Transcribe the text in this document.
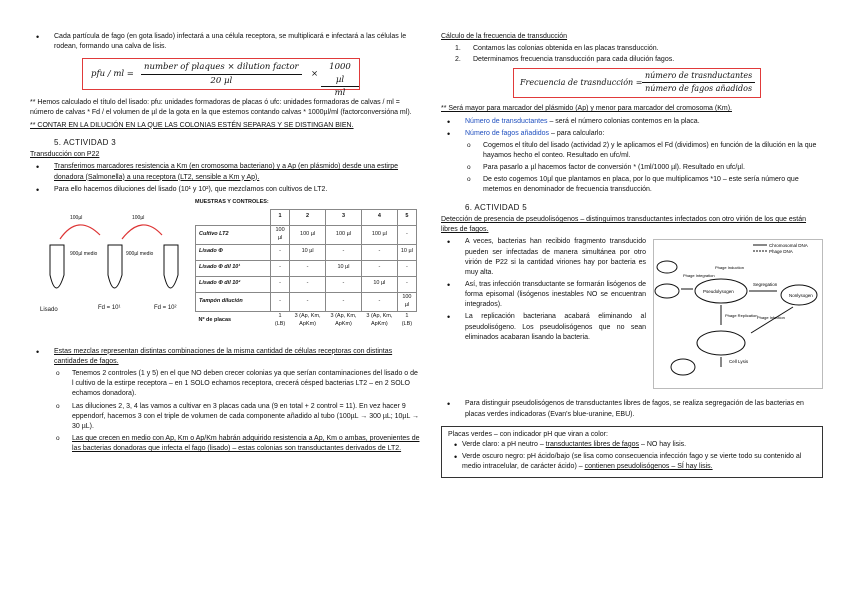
• Cada partícula de fago (en gota lisado) infectará a una célula receptora, se multiplicará e infectará a las células le rodean, formando una calva de lisis.
pfu / ml =
number of plaques × dilution factor
20 µl
×
1000 µl
ml
** Hemos calculado el título del lisado: pfu: unidades formadoras de placas ó ufc: unidades formadoras de calvas / ml = número de calvas * Fd / el volumen de µl de la gota en la que estemos contando calvas * 1000µl/ml (factorconversióna ml).
** CONTAR EN LA DILUCIÓN EN LA QUE LAS COLONIAS ESTÉN SEPARAS Y SE DISTINGAN BIEN.
5. ACTIVIDAD 3
Transducción con P22
• Transferimos marcadores resistencia a Km (en cromosoma bacteriano) y a Ap (en plásmido) desde una estirpe donadora (Salmonella) a una receptora (LT2, sensible a Km y Ap).
• Para ello hacemos diluciones del lisado (10¹ y 10²), que mezclamos con cultivos de LT2.
100µl	100µl
900µl medio	900µl medio
Lisado	Fd = 10¹	Fd = 10²
MUESTRAS Y CONTROLES:
	1	2	3	4	5
Cultivo LT2	100 µl	100 µl	100 µl	100 µl	-
Lisado Φ	-	10 µl	-	-	10 µl
Lisado Φ dil 10¹	-	-	10 µl	-	-
Lisado Φ dil 10²	-	-	-	10 µl	-
Tampón dilución	-	-	-	-	100 µl
Nº de placas	1 (LB)	3 (Ap, Km, ApKm)	3 (Ap, Km, ApKm)	3 (Ap, Km, ApKm)	1 (LB)
• Estas mezclas representan distintas combinaciones de la misma cantidad de células receptoras con distintas cantidades de fagos.
o Tenemos 2 controles (1 y 5) en el que NO deben crecer colonias ya que serían contaminaciones del lisado o de l cultivo de la estirpe receptora – en 1 SOLO echamos receptora, crecerá césped bacterias LT2 – en 2 SOLO echamos donadora).
o Las diluciones 2, 3, 4 las vamos a cultivar en 3 placas cada una (9 en total + 2 control = 11). En vez hacer 9 eppendorf, hacemos 3 con el triple de volumen de cada componente añadido al tubo (100µL → 300 µL; 10µL → 30 µL).
o Las que crecen en medio con Ap, Km o Ap/Km habrán adquirido resistencia a Ap, Km o ambas, provenientes de las bacterias donadoras que infecta el fago (lisado) – estas colonias son transductantes derivados de LT2.
Cálculo de la frecuencia de transducción
1. Contamos las colonias obtenida en las placas transducción.
2. Determinamos frecuencia transducción para cada dilución fagos.
Frecuencia de trasnducción =
número de trasnductantes
número de fagos añadidos
** Será mayor para marcador del plásmido (Ap) y menor para marcador del cromosoma (Km).
• Número de transductantes – será el número colonias contemos en la placa.
• Número de fagos añadidos – para calcularlo:
o Cogemos el título del lisado (actividad 2) y le aplicamos el Fd (dividimos) en función de la dilución en la que hayamos hecho el conteo. Resultado en ufc/ml.
o Para pasarlo a µl hacemos factor de conversión * (1ml/1000 µl). Resultado en ufc/µl.
o De esto cogemos 10µl que plantamos en placa, por lo que multiplicamos *10 – este sería número que metemos en denominador de frecuencia transducción.
6. ACTIVIDAD 5
Detección de presencia de pseudolisógenos – distinguimos transductantes infectados con otro virión de los que están libres de fagos.
• A veces, bacterias han recibido fragmento transducido pueden ser infectadas de manera simultánea por otro virión de P22 si la cantidad viriones hay por bacteria es muy alta.
• Así, tras infección transductante se formarán lisógenos de forma episomal (lisógenos inestables NO se encuentran integrados).
• La replicación bacteriana acabará eliminando al pseudolisógeno. Los pseudolisógenos que no sean eliminados acabaran lisando la bacteria.
Chromosomal DNA
Phage DNA
Pseudolysogen
Phage Integration
Phage Induction
Segregation
Nonlysogen
Phage Replication Phage Infection
Cell Lysis
• Para distinguir pseudolisógenos de transductantes libres de fagos, se realiza segregación de las bacterias en placas verdes indicadoras (Evan's blue-uranine, EBU).
Placas verdes – con indicador pH que viran a color:
• Verde claro: a pH neutro – transductantes libres de fagos – NO hay lisis.
• Verde oscuro negro: pH ácido/bajo (se lisa como consecuencia infección fago y se vierte todo su contenido al medio intracelular, de carácter ácido) – contienen pseudolisógenos – SÍ hay lisis.
